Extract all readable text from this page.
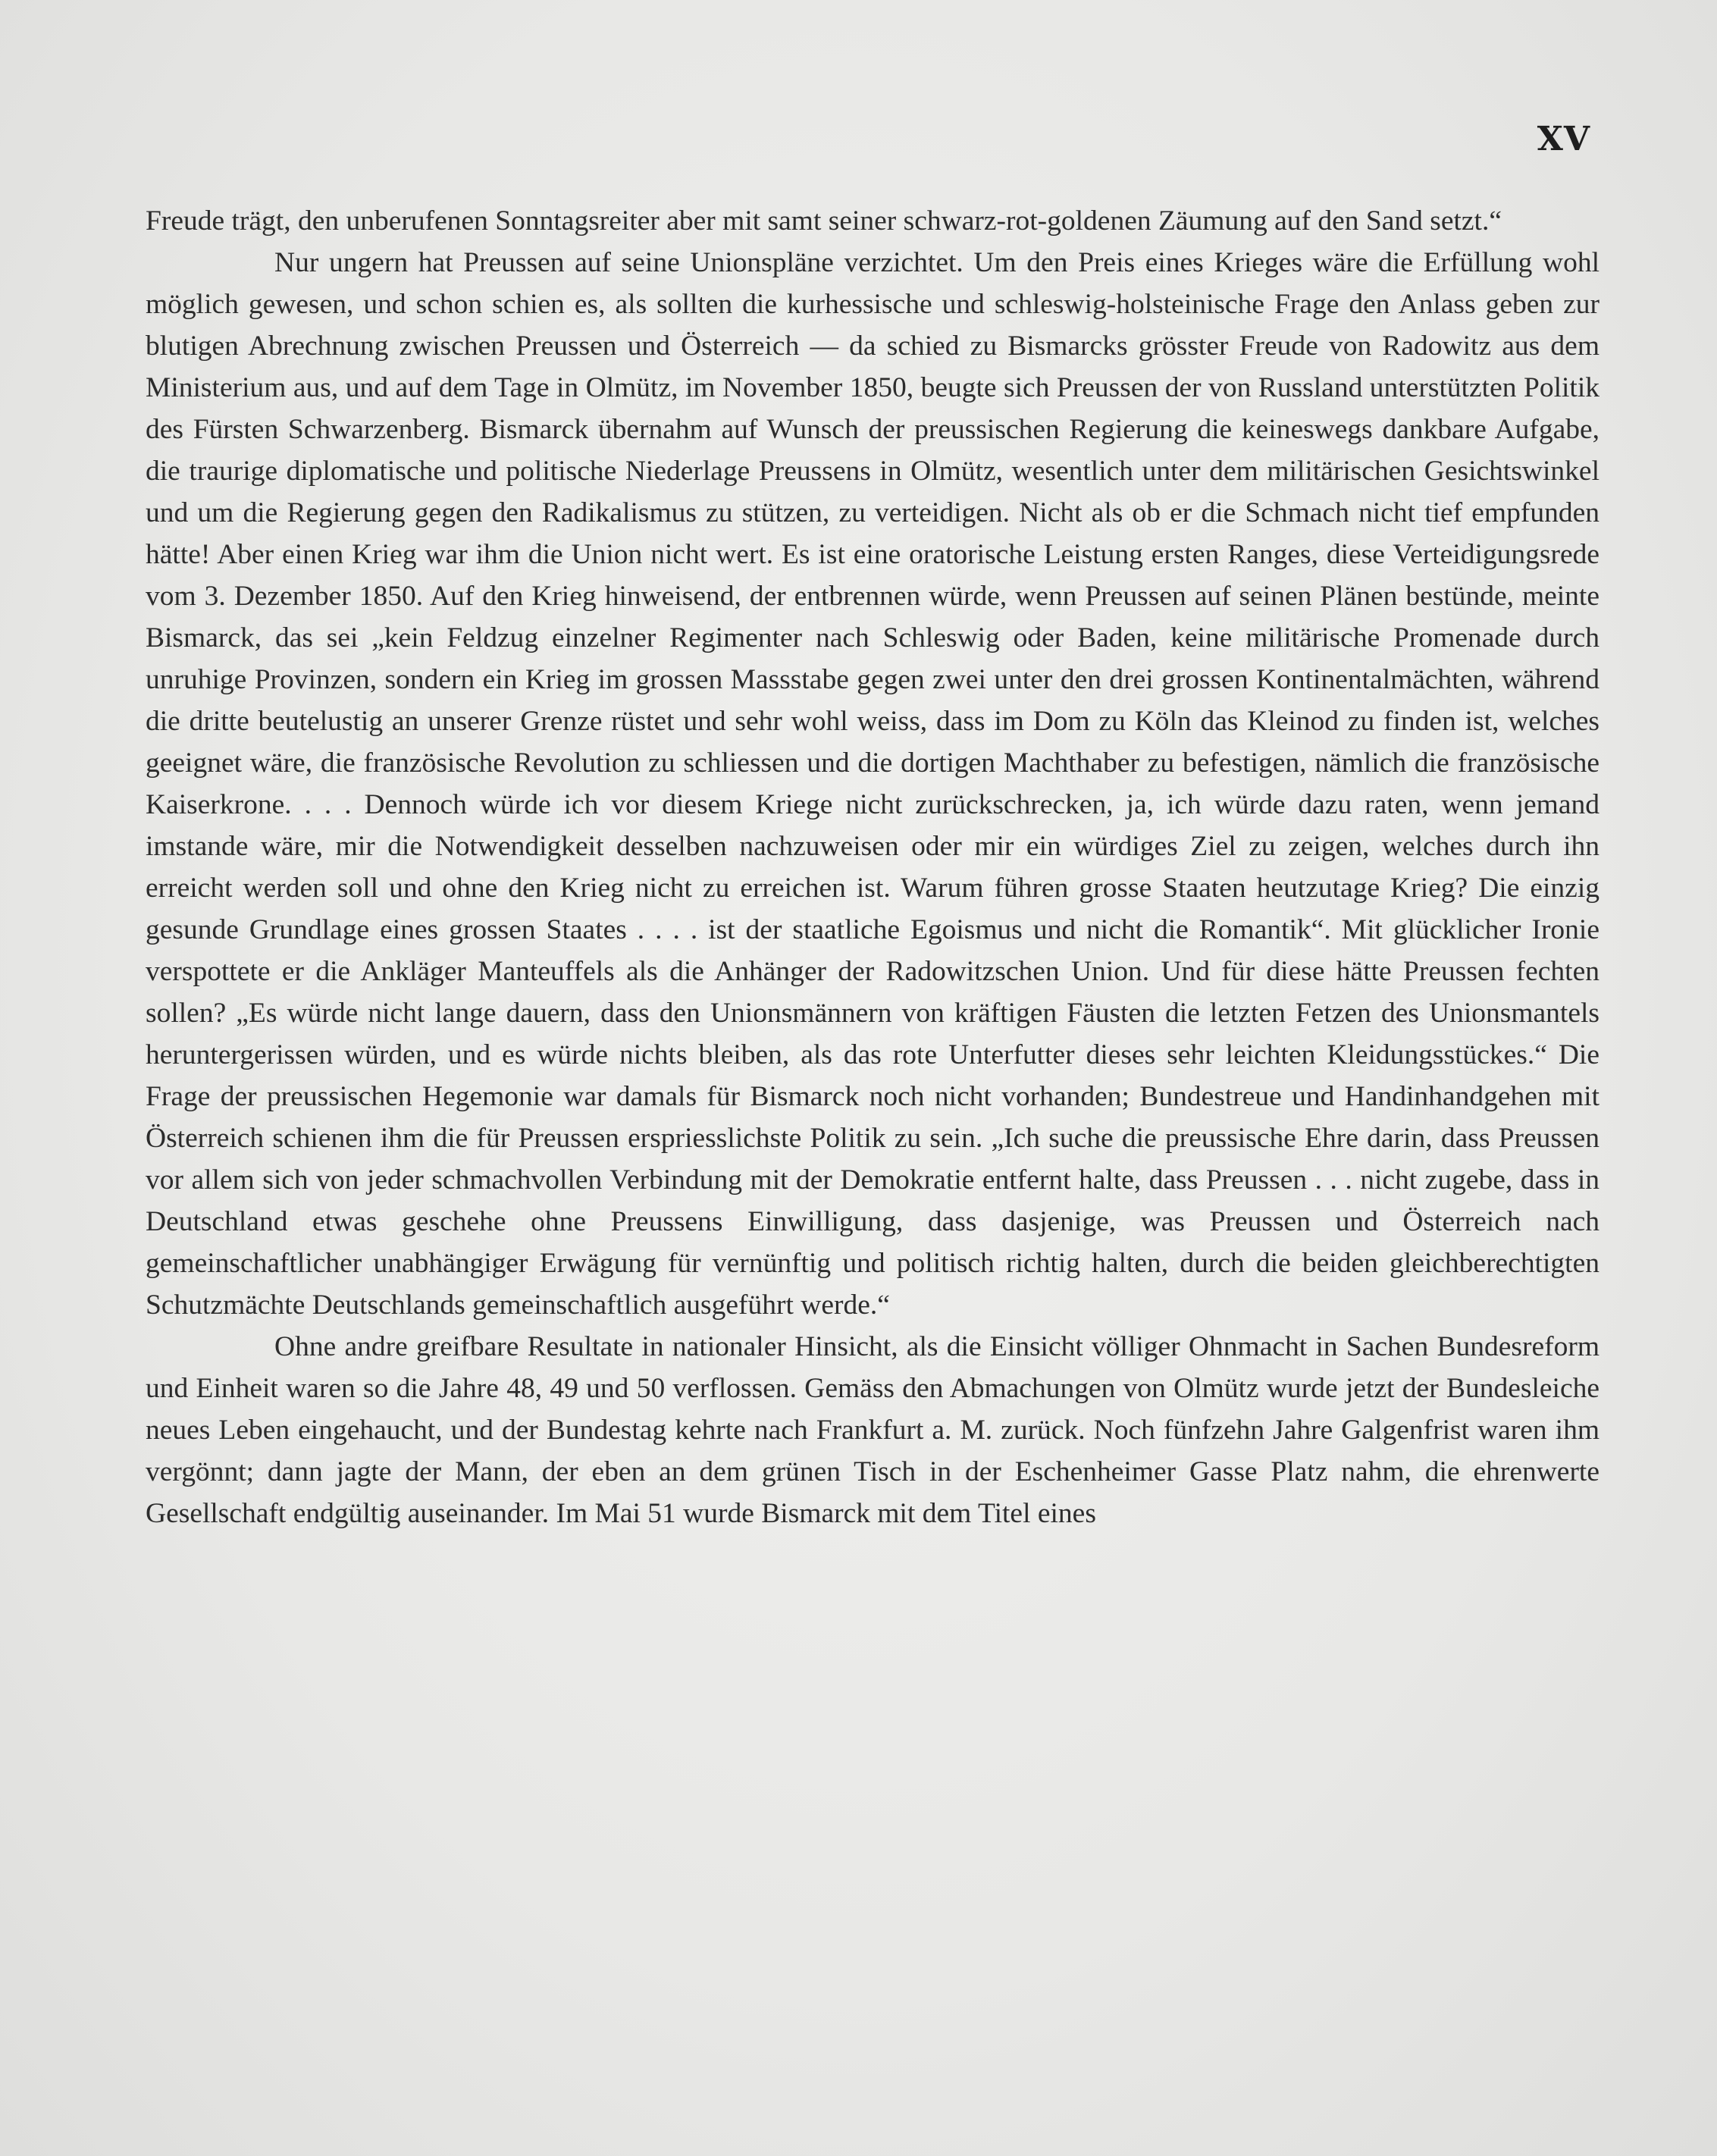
XV

Freude trägt, den unberufenen Sonntagsreiter aber mit samt seiner schwarz-rot-goldenen Zäumung auf den Sand setzt.“

Nur ungern hat Preussen auf seine Unionspläne verzichtet. Um den Preis eines Krieges wäre die Erfüllung wohl möglich gewesen, und schon schien es, als sollten die kurhessische und schleswig-holsteinische Frage den Anlass geben zur blutigen Abrechnung zwischen Preussen und Österreich — da schied zu Bismarcks grösster Freude von Radowitz aus dem Ministerium aus, und auf dem Tage in Olmütz, im November 1850, beugte sich Preussen der von Russland unterstützten Politik des Fürsten Schwarzenberg. Bismarck übernahm auf Wunsch der preussischen Regierung die keineswegs dankbare Aufgabe, die traurige diplomatische und politische Niederlage Preussens in Olmütz, wesentlich unter dem militärischen Gesichtswinkel und um die Regierung gegen den Radikalismus zu stützen, zu verteidigen. Nicht als ob er die Schmach nicht tief empfunden hätte! Aber einen Krieg war ihm die Union nicht wert. Es ist eine oratorische Leistung ersten Ranges, diese Verteidigungsrede vom 3. Dezember 1850. Auf den Krieg hinweisend, der entbrennen würde, wenn Preussen auf seinen Plänen bestünde, meinte Bismarck, das sei „kein Feldzug einzelner Regimenter nach Schleswig oder Baden, keine militärische Promenade durch unruhige Provinzen, sondern ein Krieg im grossen Massstabe gegen zwei unter den drei grossen Kontinentalmächten, während die dritte beutelustig an unserer Grenze rüstet und sehr wohl weiss, dass im Dom zu Köln das Kleinod zu finden ist, welches geeignet wäre, die französische Revolution zu schliessen und die dortigen Machthaber zu befestigen, nämlich die französische Kaiserkrone. . . . Dennoch würde ich vor diesem Kriege nicht zurückschrecken, ja, ich würde dazu raten, wenn jemand imstande wäre, mir die Notwendigkeit desselben nachzuweisen oder mir ein würdiges Ziel zu zeigen, welches durch ihn erreicht werden soll und ohne den Krieg nicht zu erreichen ist. Warum führen grosse Staaten heutzutage Krieg? Die einzig gesunde Grundlage eines grossen Staates . . . . ist der staatliche Egoismus und nicht die Romantik“. Mit glücklicher Ironie verspottete er die Ankläger Manteuffels als die Anhänger der Radowitzschen Union. Und für diese hätte Preussen fechten sollen? „Es würde nicht lange dauern, dass den Unionsmännern von kräftigen Fäusten die letzten Fetzen des Unionsmantels heruntergerissen würden, und es würde nichts bleiben, als das rote Unterfutter dieses sehr leichten Kleidungsstückes.“ Die Frage der preussischen Hegemonie war damals für Bismarck noch nicht vorhanden; Bundestreue und Handinhandgehen mit Österreich schienen ihm die für Preussen erspriesslichste Politik zu sein. „Ich suche die preussische Ehre darin, dass Preussen vor allem sich von jeder schmachvollen Verbindung mit der Demokratie entfernt halte, dass Preussen . . . nicht zugebe, dass in Deutschland etwas geschehe ohne Preussens Einwilligung, dass dasjenige, was Preussen und Österreich nach gemeinschaftlicher unabhängiger Erwägung für vernünftig und politisch richtig halten, durch die beiden gleichberechtigten Schutzmächte Deutschlands gemeinschaftlich ausgeführt werde.“

Ohne andre greifbare Resultate in nationaler Hinsicht, als die Einsicht völliger Ohnmacht in Sachen Bundesreform und Einheit waren so die Jahre 48, 49 und 50 verflossen. Gemäss den Abmachungen von Olmütz wurde jetzt der Bundesleiche neues Leben eingehaucht, und der Bundestag kehrte nach Frankfurt a. M. zurück. Noch fünfzehn Jahre Galgenfrist waren ihm vergönnt; dann jagte der Mann, der eben an dem grünen Tisch in der Eschenheimer Gasse Platz nahm, die ehrenwerte Gesellschaft endgültig auseinander. Im Mai 51 wurde Bismarck mit dem Titel eines
